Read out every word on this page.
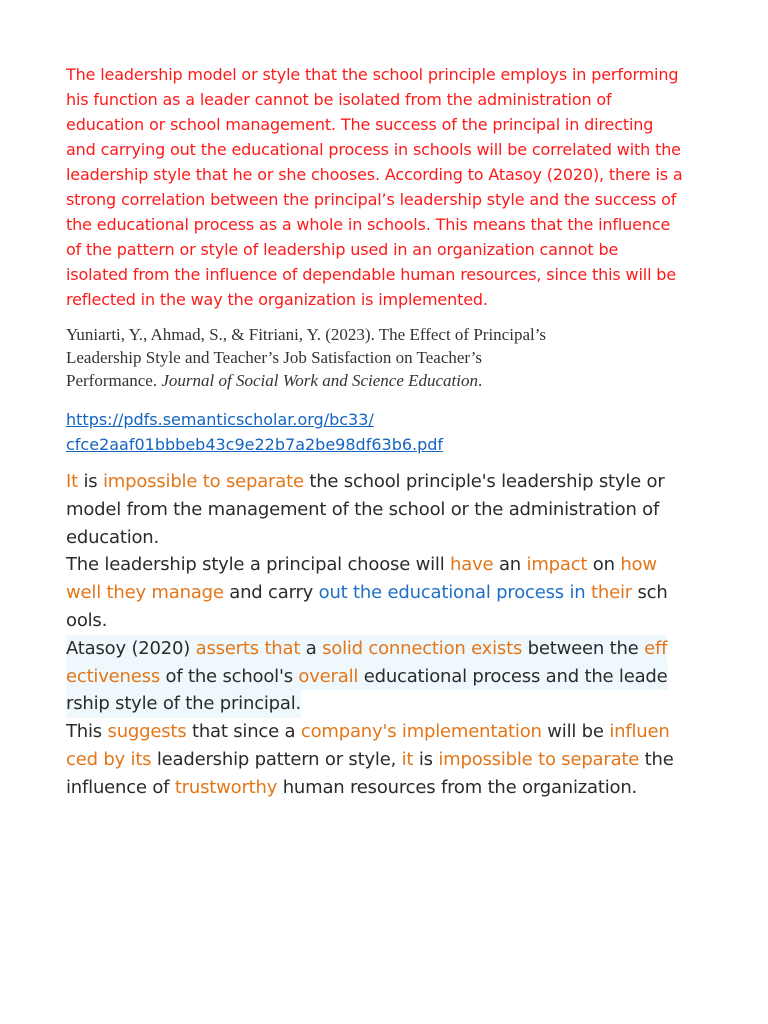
The leadership model or style that the school principle employs in performing
his function as a leader cannot be isolated from the administration of
education or school management. The success of the principal in directing
and carrying out the educational process in schools will be correlated with the
leadership style that he or she chooses. According to Atasoy (2020), there is a
strong correlation between the principal’s leadership style and the success of
the educational process as a whole in schools. This means that the influence
of the pattern or style of leadership used in an organization cannot be
isolated from the influence of dependable human resources, since this will be
reflected in the way the organization is implemented.

Yuniarti, Y., Ahmad, S., & Fitriani, Y. (2023). The Effect of Principal’s
Leadership Style and Teacher’s Job Satisfaction on Teacher’s
Performance. Journal of Social Work and Science Education.

https://pdfs.semanticscholar.org/bc33/
cfce2aaf01bbbeb43c9e22b7a2be98df63b6.pdf

It is impossible to separate the school principle's leadership style or
model from the management of the school or the administration of
education.
The leadership style a principal choose will have an impact on how
well they manage and carry out the educational process in their sch
ools.
Atasoy (2020) asserts that a solid connection exists between the eff
ectiveness of the school's overall educational process and the leade
rship style of the principal.
This suggests that since a company's implementation will be influen
ced by its leadership pattern or style, it is impossible to separate the
influence of trustworthy human resources from the organization.
